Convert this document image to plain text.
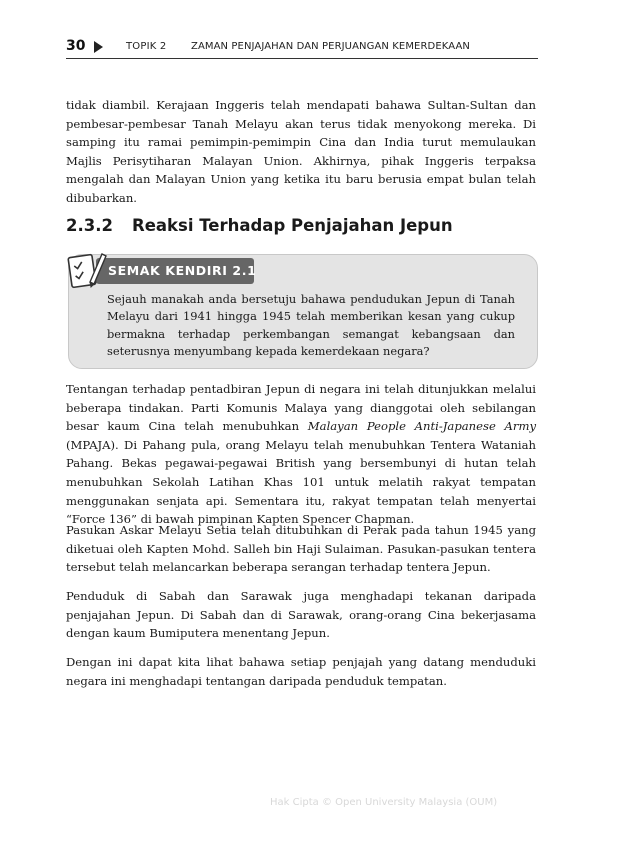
30	TOPIK 2 ZAMAN PENJAJAHAN DAN PERJUANGAN KEMERDEKAAN

tidak diambil. Kerajaan Inggeris telah mendapati bahawa Sultan-Sultan dan pembesar-pembesar Tanah Melayu akan terus tidak menyokong mereka. Di samping itu ramai pemimpin-pemimpin Cina dan India turut memulaukan Majlis Perisytiharan Malayan Union. Akhirnya, pihak Inggeris terpaksa mengalah dan Malayan Union yang ketika itu baru berusia empat bulan telah dibubarkan.

2.3.2 Reaksi Terhadap Penjajahan Jepun
SEMAK KENDIRI 2.1

Sejauh manakah anda bersetuju bahawa pendudukan Jepun di Tanah Melayu dari 1941 hingga 1945 telah memberikan kesan yang cukup bermakna terhadap perkembangan semangat kebangsaan dan seterusnya menyumbang kepada kemerdekaan negara?

Tentangan terhadap pentadbiran Jepun di negara ini telah ditunjukkan melalui beberapa tindakan. Parti Komunis Malaya yang dianggotai oleh sebilangan besar kaum Cina telah menubuhkan Malayan People Anti-Japanese Army (MPAJA). Di Pahang pula, orang Melayu telah menubuhkan Tentera Wataniah Pahang. Bekas pegawai-pegawai British yang bersembunyi di hutan telah menubuhkan Sekolah Latihan Khas 101 untuk melatih rakyat tempatan menggunakan senjata api. Sementara itu, rakyat tempatan telah menyertai “Force 136” di bawah pimpinan Kapten Spencer Chapman.

Pasukan Askar Melayu Setia telah ditubuhkan di Perak pada tahun 1945 yang diketuai oleh Kapten Mohd. Salleh bin Haji Sulaiman. Pasukan-pasukan tentera tersebut telah melancarkan beberapa serangan terhadap tentera Jepun.

Penduduk di Sabah dan Sarawak juga menghadapi tekanan daripada penjajahan Jepun. Di Sabah dan di Sarawak, orang-orang Cina bekerjasama dengan kaum Bumiputera menentang Jepun.

Dengan ini dapat kita lihat bahawa setiap penjajah yang datang menduduki negara ini menghadapi tentangan daripada penduduk tempatan.

Hak Cipta © Open University Malaysia (OUM)
